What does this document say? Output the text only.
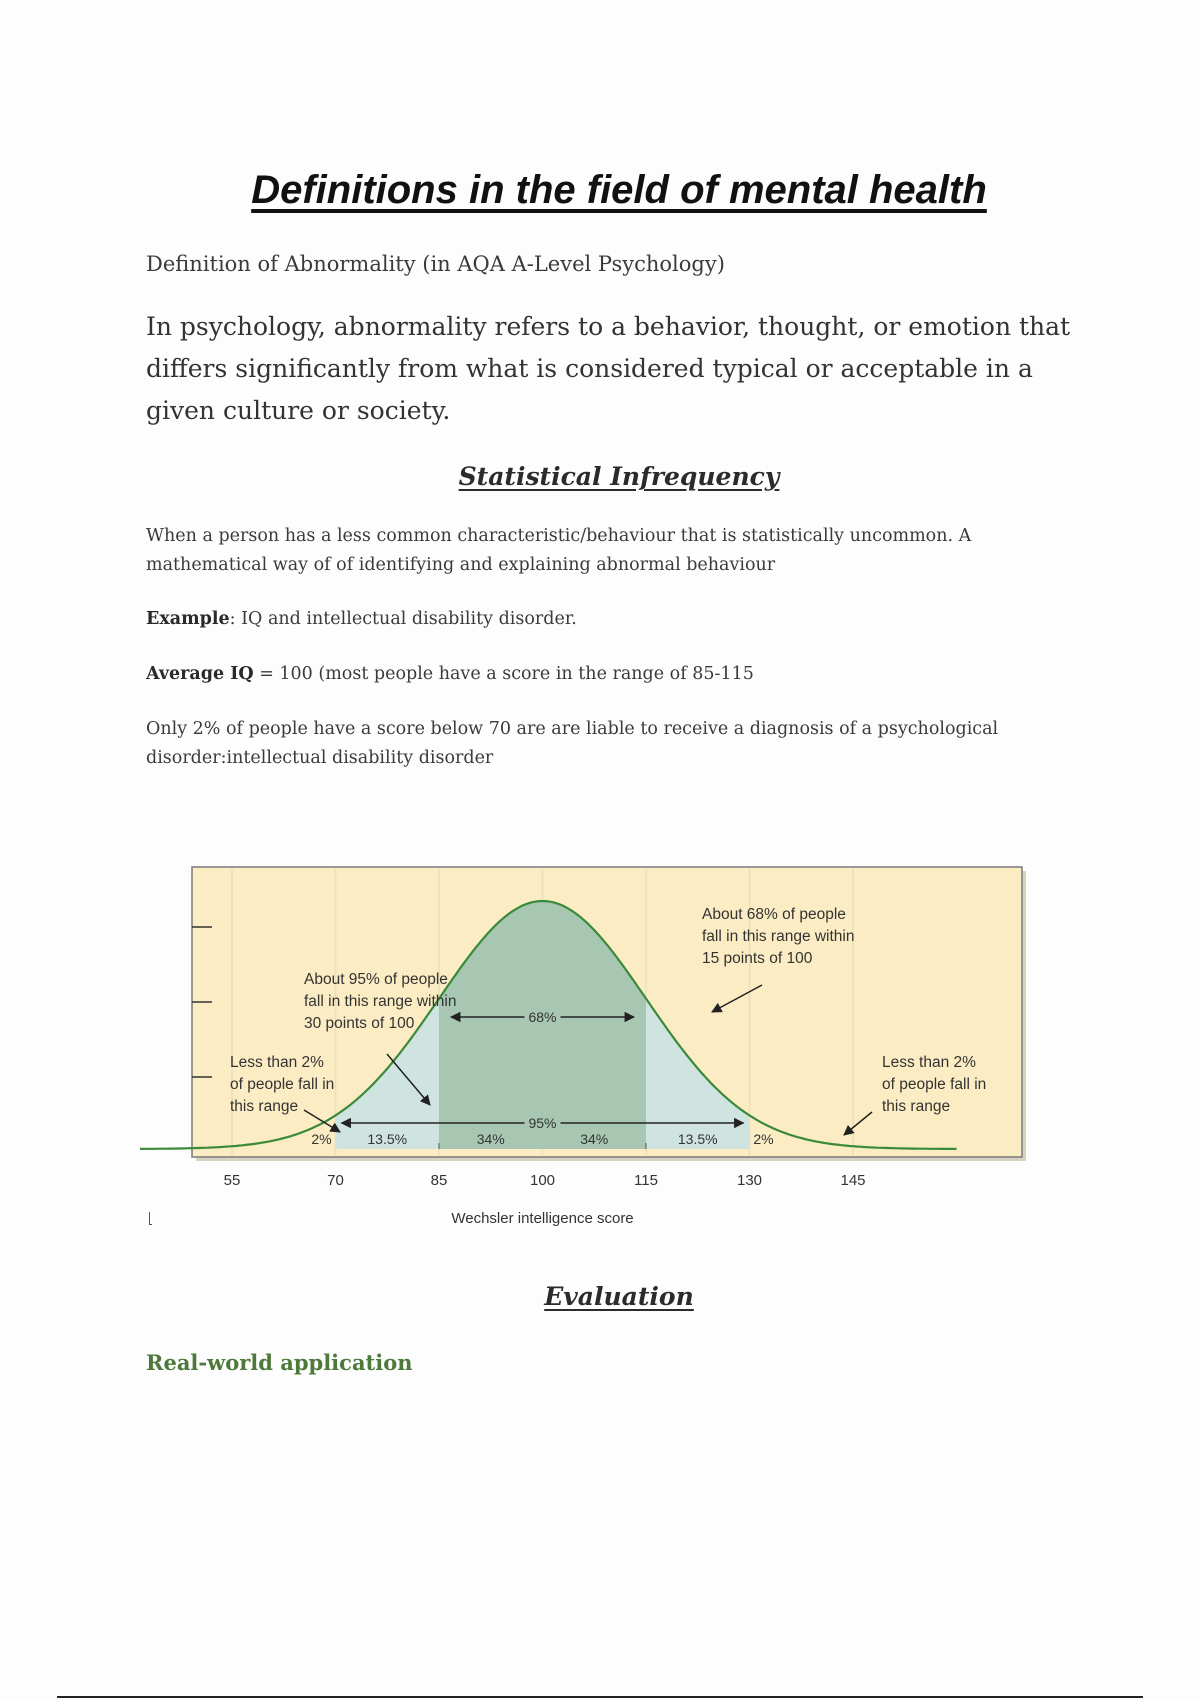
Definitions in the field of mental health
Definition of Abnormality (in AQA A-Level Psychology)

In psychology, abnormality refers to a behavior, thought, or emotion that differs significantly from what is considered typical or acceptable in a given culture or society.

Statistical Infrequency

When a person has a less common characteristic/behaviour that is statistically uncommon. A mathematical way of of identifying and explaining abnormal behaviour

Example: IQ and intellectual disability disorder.

Average IQ = 100 (most people have a score in the range of 85-115

Only 2% of people have a score below 70 are are liable to receive a diagnosis of a psychological disorder:intellectual disability disorder

68%
95%
13.5%	34%	34%	13.5%
2%	2%
55	70	85	100	115	130	145
Wechsler intelligence score
Less than 2%
of people fall in
this range
About 95% of people
fall in this range within
30 points of 100
About 68% of people
fall in this range within
15 points of 100
Less than 2%
of people fall in
this range
Evaluation
Real-world application
